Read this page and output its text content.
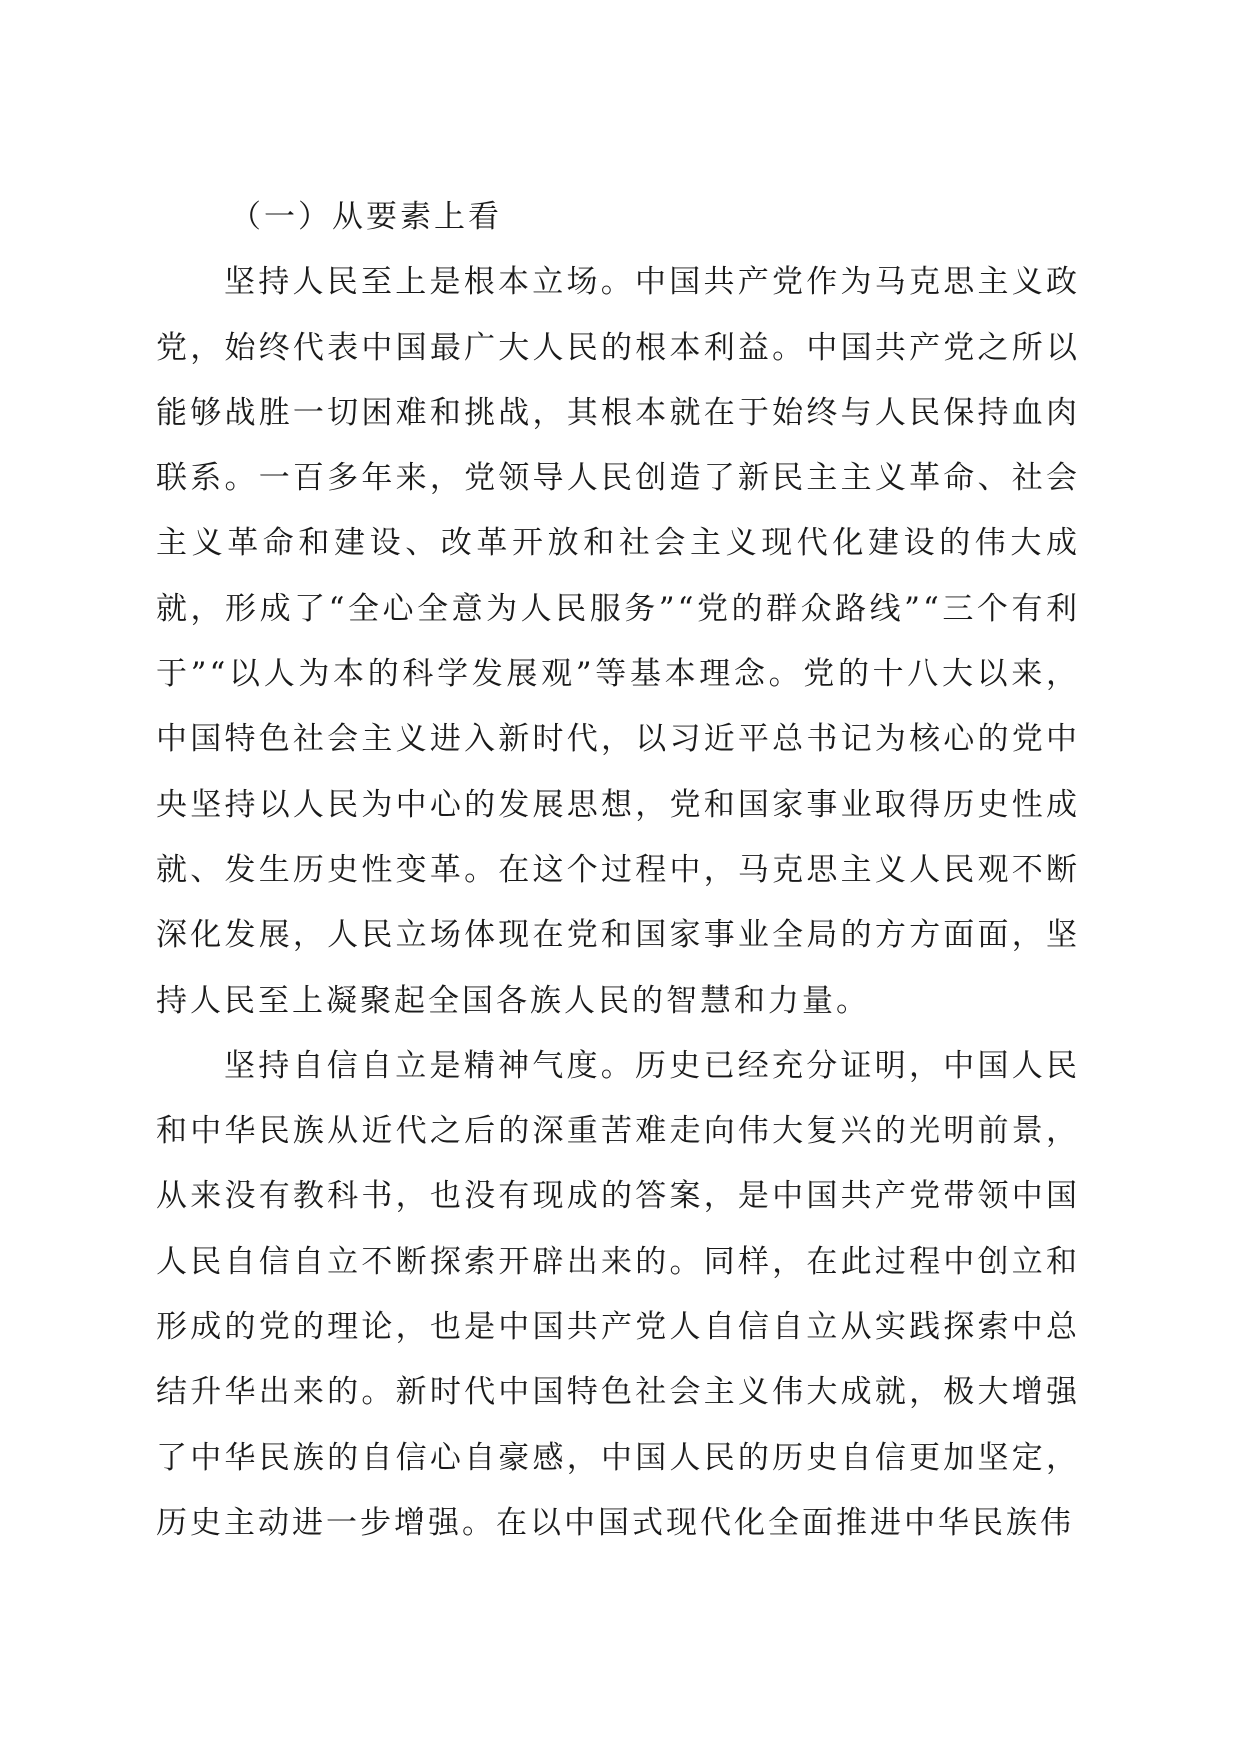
（一）从要素上看

坚持人民至上是根本立场。中国共产党作为马克思主义政党，始终代表中国最广大人民的根本利益。中国共产党之所以能够战胜一切困难和挑战，其根本就在于始终与人民保持血肉联系。一百多年来，党领导人民创造了新民主主义革命、社会主义革命和建设、改革开放和社会主义现代化建设的伟大成就，形成了“全心全意为人民服务”“党的群众路线”“三个有利于”“以人为本的科学发展观”等基本理念。党的十八大以来，中国特色社会主义进入新时代，以习近平总书记为核心的党中央坚持以人民为中心的发展思想，党和国家事业取得历史性成就、发生历史性变革。在这个过程中，马克思主义人民观不断深化发展，人民立场体现在党和国家事业全局的方方面面，坚持人民至上凝聚起全国各族人民的智慧和力量。

坚持自信自立是精神气度。历史已经充分证明，中国人民和中华民族从近代之后的深重苦难走向伟大复兴的光明前景，从来没有教科书，也没有现成的答案，是中国共产党带领中国人民自信自立不断探索开辟出来的。同样，在此过程中创立和形成的党的理论，也是中国共产党人自信自立从实践探索中总结升华出来的。新时代中国特色社会主义伟大成就，极大增强了中华民族的自信心自豪感，中国人民的历史自信更加坚定，历史主动进一步增强。在以中国式现代化全面推进中华民族伟
